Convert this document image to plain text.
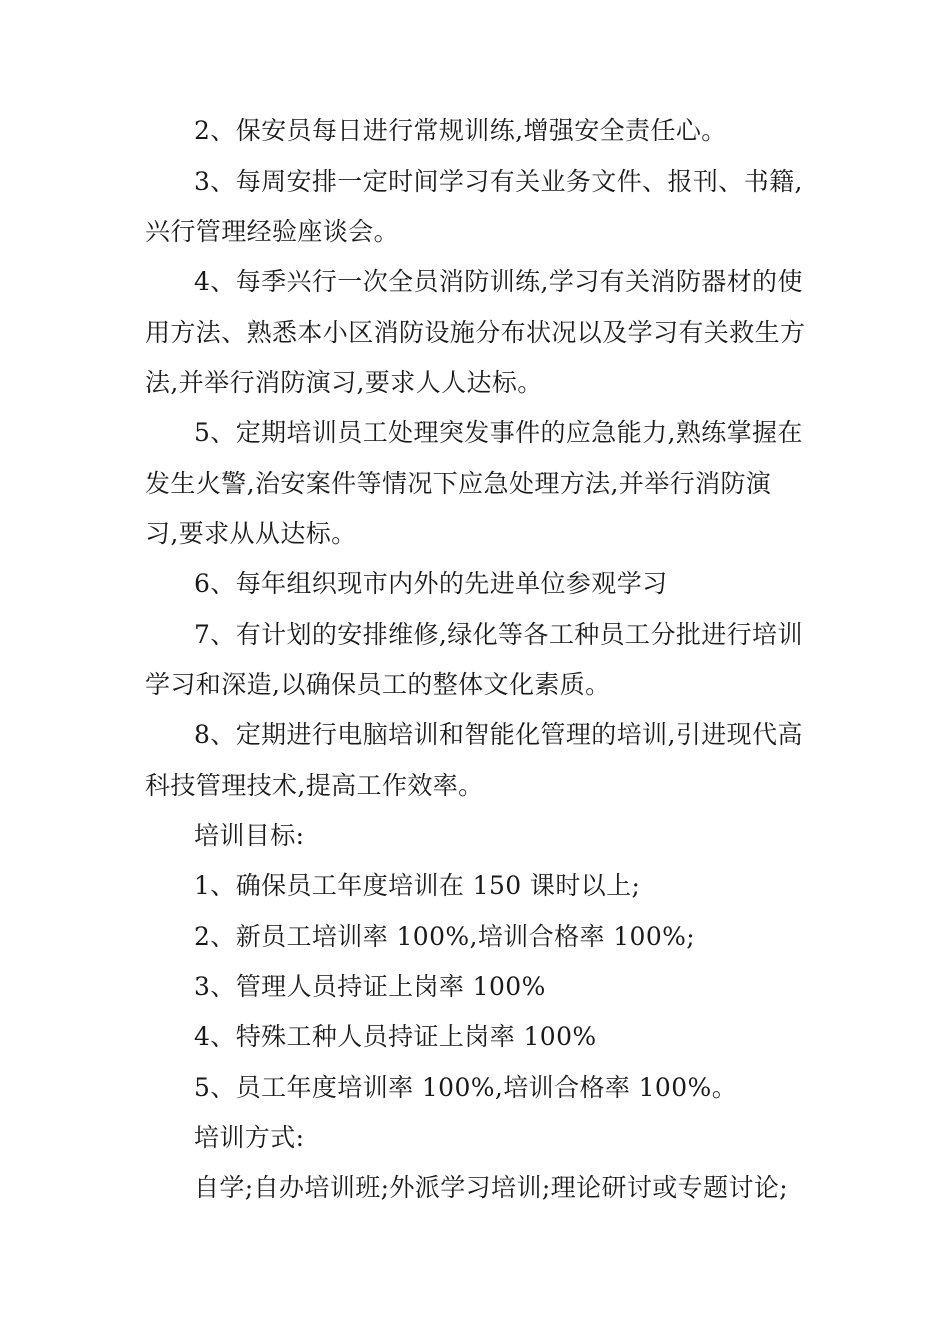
2、保安员每日进行常规训练,增强安全责任心。
3、每周安排一定时间学习有关业务文件、报刊、书籍,
兴行管理经验座谈会。
4、每季兴行一次全员消防训练,学习有关消防器材的使
用方法、熟悉本小区消防设施分布状况以及学习有关救生方
法,并举行消防演习,要求人人达标。
5、定期培训员工处理突发事件的应急能力,熟练掌握在
发生火警,治安案件等情况下应急处理方法,并举行消防演
习,要求从从达标。
6、每年组织现市内外的先进单位参观学习
7、有计划的安排维修,绿化等各工种员工分批进行培训
学习和深造,以确保员工的整体文化素质。
8、定期进行电脑培训和智能化管理的培训,引进现代高
科技管理技术,提高工作效率。
培训目标:
1、确保员工年度培训在 150 课时以上;
2、新员工培训率 100%,培训合格率 100%;
3、管理人员持证上岗率 100%
4、特殊工种人员持证上岗率 100%
5、员工年度培训率 100%,培训合格率 100%。
培训方式:
自学;自办培训班;外派学习培训;理论研讨或专题讨论;
